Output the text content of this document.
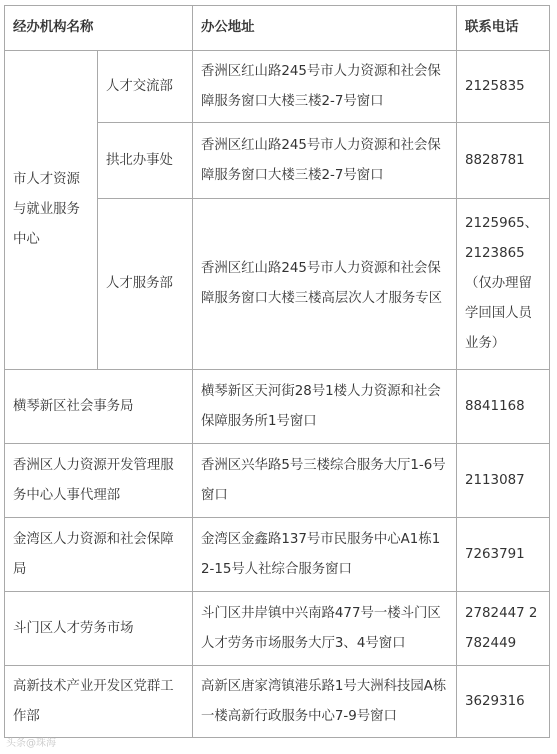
经办机构名称		办公地址	联系电话
市人才资源与就业服务中心	人才交流部	香洲区红山路245号市人力资源和社会保障服务窗口大楼三楼2-7号窗口	2125835
	拱北办事处	香洲区红山路245号市人力资源和社会保障服务窗口大楼三楼2-7号窗口	8828781
	人才服务部	香洲区红山路245号市人力资源和社会保障服务窗口大楼三楼高层次人才服务专区	2125965、2123865（仅办理留学回国人员业务）
横琴新区社会事务局		横琴新区天河街28号1楼人力资源和社会保障服务所1号窗口	8841168
香洲区人力资源开发管理服务中心人事代理部		香洲区兴华路5号三楼综合服务大厅1-6号窗口	2113087
金湾区人力资源和社会保障局		金湾区金鑫路137号市民服务中心A1栋12-15号人社综合服务窗口	7263791
斗门区人才劳务市场		斗门区井岸镇中兴南路477号一楼斗门区人才劳务市场服务大厅3、4号窗口	2782447 2782449
高新技术产业开发区党群工作部		高新区唐家湾镇港乐路1号大洲科技园A栋一楼高新行政服务中心7-9号窗口	3629316
头条@珠海
